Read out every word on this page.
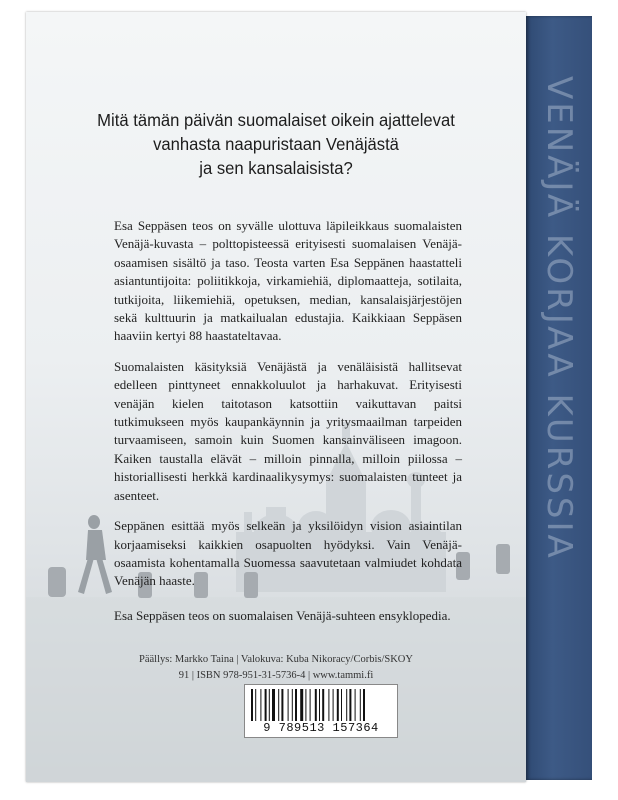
Mitä tämän päivän suomalaiset oikein ajattelevat
vanhasta naapuristaan Venäjästä
ja sen kansalaisista?

Esa Seppäsen teos on syvälle ulottuva läpileikkaus suomalaisten Venäjä-kuvasta – polttopisteessä erityisesti suomalaisen Venäjä-osaamisen sisältö ja taso. Teosta varten Esa Seppänen haastatteli asiantuntijoita: poliitikkoja, virkamiehiä, diplomaatteja, sotilaita, tutkijoita, liikemiehiä, opetuksen, median, kansalaisjärjestöjen sekä kulttuurin ja matkailualan edustajia. Kaikkiaan Seppäsen haaviin kertyi 88 haastateltavaa.

Suomalaisten käsityksiä Venäjästä ja venäläisistä hallitsevat edelleen pinttyneet ennakkoluulot ja harhakuvat. Erityisesti venäjän kielen taitotason katsottiin vaikuttavan paitsi tutkimukseen myös kaupankäynnin ja yritysmaailman tarpeiden turvaamiseen, samoin kuin Suomen kansainväliseen imagoon. Kaiken taustalla elävät – milloin pinnalla, milloin piilossa – historiallisesti herkkä kardinaalikysymys: suomalaisten tunteet ja asenteet.

Seppänen esittää myös selkeän ja yksilöidyn vision asiaintilan korjaamiseksi kaikkien osapuolten hyödyksi. Vain Venäjä-osaamista kohentamalla Suomessa saavutetaan valmiudet kohdata Venäjän haaste.

Esa Seppäsen teos on suomalaisen Venäjä-suhteen ensyklopedia.

Päällys: Markko Taina | Valokuva: Kuba Nikoracy/Corbis/SKOY
91 | ISBN 978-951-31-5736-4 | www.tammi.fi
9 789513 157364
VENÄJÄ KORJAA KURSSIA
